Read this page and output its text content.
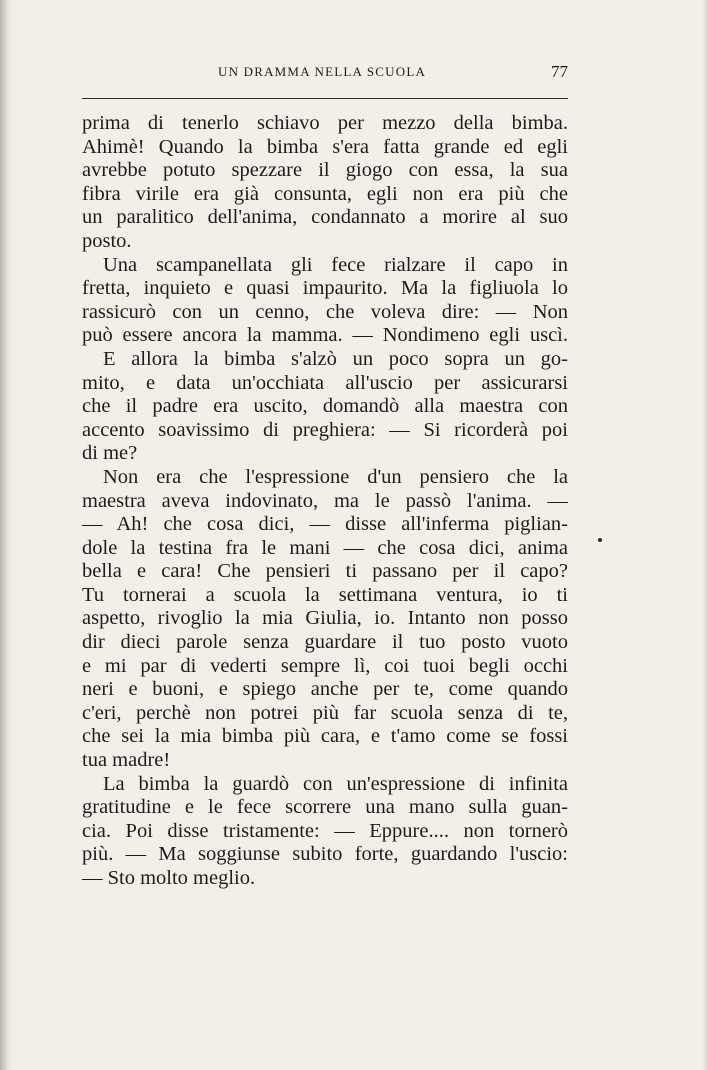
UN DRAMMA NELLA SCUOLA	77
prima di tenerlo schiavo per mezzo della bimba.
Ahimè! Quando la bimba s'era fatta grande ed egli
avrebbe potuto spezzare il giogo con essa, la sua
fibra virile era già consunta, egli non era più che
un paralitico dell'anima, condannato a morire al suo
posto.
Una scampanellata gli fece rialzare il capo in
fretta, inquieto e quasi impaurito. Ma la figliuola lo
rassicurò con un cenno, che voleva dire: — Non
può essere ancora la mamma. — Nondimeno egli uscì.
E allora la bimba s'alzò un poco sopra un go-
mito, e data un'occhiata all'uscio per assicurarsi
che il padre era uscito, domandò alla maestra con
accento soavissimo di preghiera: — Si ricorderà poi
di me?
Non era che l'espressione d'un pensiero che la
maestra aveva indovinato, ma le passò l'anima. —
— Ah! che cosa dici, — disse all'inferma piglian-
dole la testina fra le mani — che cosa dici, anima
bella e cara! Che pensieri ti passano per il capo?
Tu tornerai a scuola la settimana ventura, io ti
aspetto, rivoglio la mia Giulia, io. Intanto non posso
dir dieci parole senza guardare il tuo posto vuoto
e mi par di vederti sempre lì, coi tuoi begli occhi
neri e buoni, e spiego anche per te, come quando
c'eri, perchè non potrei più far scuola senza di te,
che sei la mia bimba più cara, e t'amo come se fossi
tua madre!
La bimba la guardò con un'espressione di infinita
gratitudine e le fece scorrere una mano sulla guan-
cia. Poi disse tristamente: — Eppure.... non tornerò
più. — Ma soggiunse subito forte, guardando l'uscio:
— Sto molto meglio.
